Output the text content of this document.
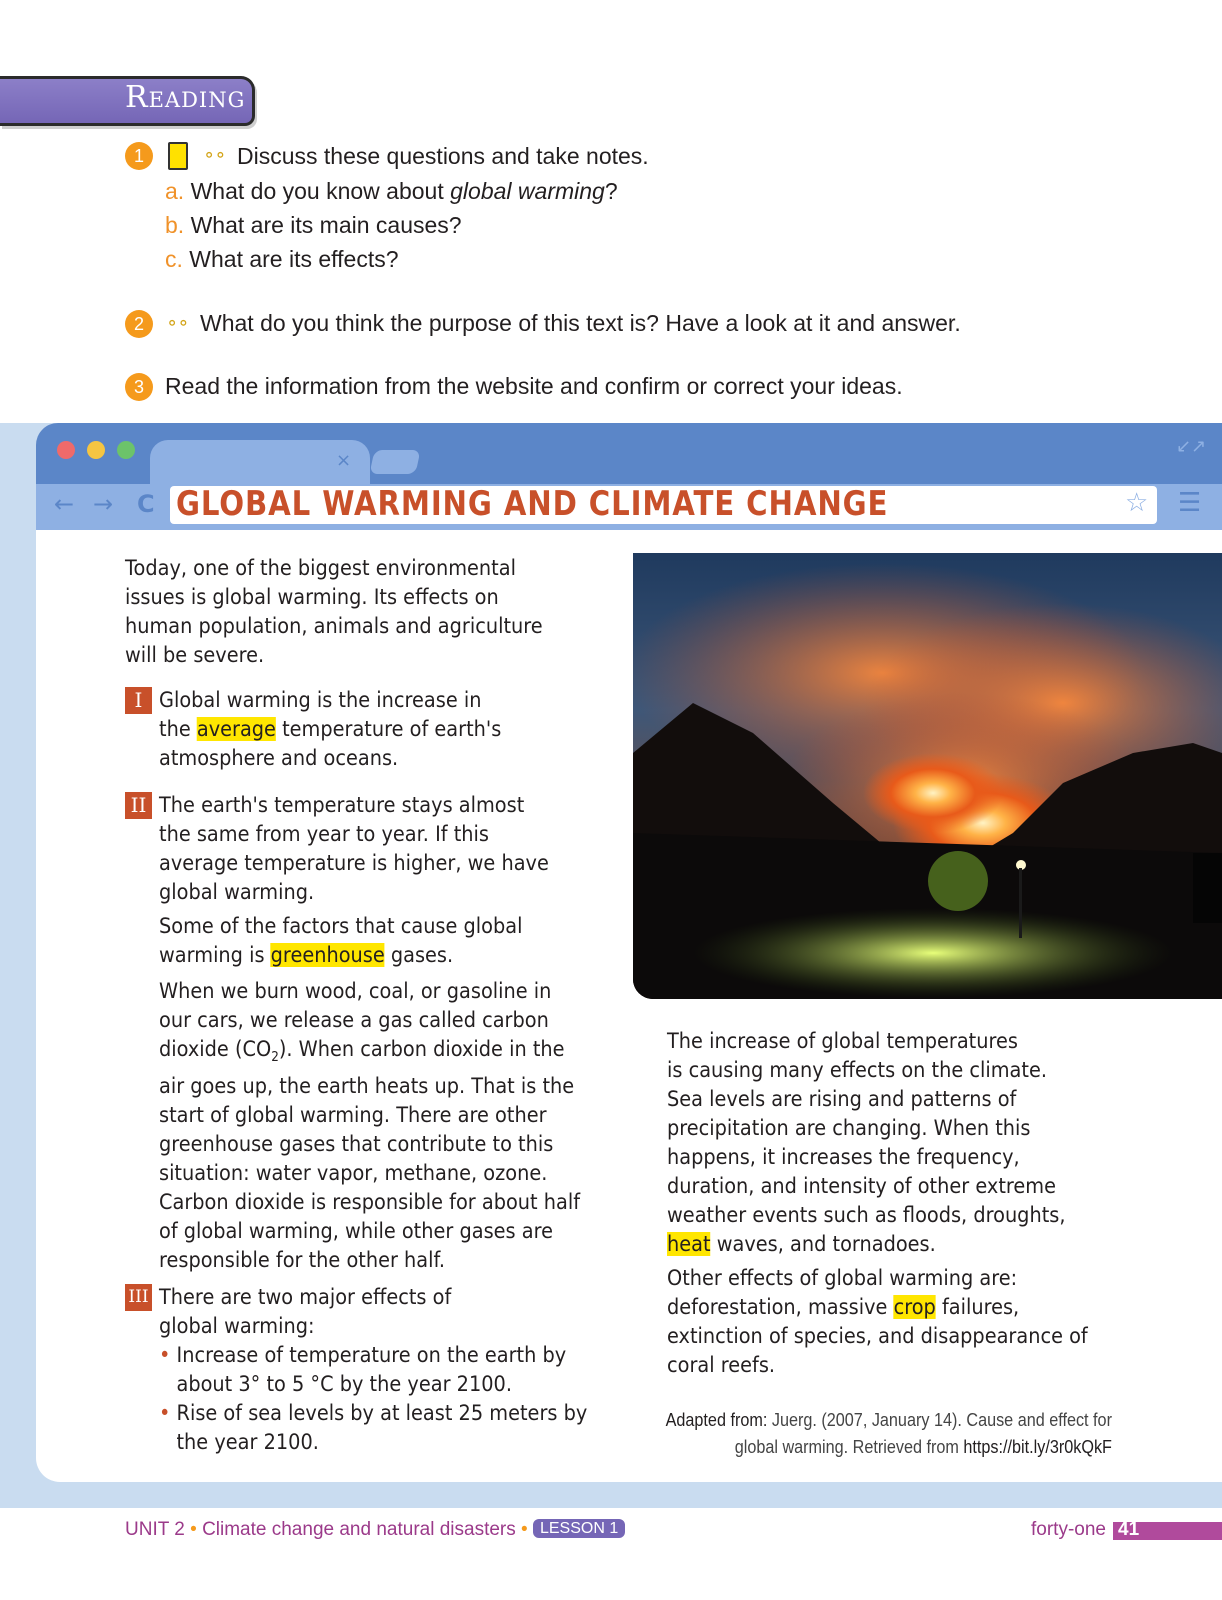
Reading
1	⚬⚬ Discuss these questions and take notes.
a. What do you know about global warming?
b. What are its main causes?
c. What are its effects?
2	⚬⚬ What do you think the purpose of this text is? Have a look at it and answer.
3 Read the information from the website and confirm or correct your ideas.
×
↙↗
← → C GLOBAL WARMING AND CLIMATE CHANGE	☆ ☰
Today, one of the biggest environmental
issues is global warming. Its effects on
human population, animals and agriculture
will be severe.
I Global warming is the increase in
the average temperature of earth's
atmosphere and oceans.
II The earth's temperature stays almost
the same from year to year. If this
average temperature is higher, we have
global warming.
Some of the factors that cause global
warming is greenhouse gases.
When we burn wood, coal, or gasoline in
our cars, we release a gas called carbon
dioxide $(CO_2)$. When carbon dioxide in the
air goes up, the earth heats up. That is the
start of global warming. There are other
greenhouse gases that contribute to this
situation: water vapor, methane, ozone.
Carbon dioxide is responsible for about half
of global warming, while other gases are
responsible for the other half.
III There are two major effects of
global warming:
• Increase of temperature on the earth by
about 3° to 5 °C by the year 2100.
• Rise of sea levels by at least 25 meters by
the year 2100.
The increase of global temperatures
is causing many effects on the climate.
Sea levels are rising and patterns of
precipitation are changing. When this
happens, it increases the frequency,
duration, and intensity of other extreme
weather events such as floods, droughts,
heat waves, and tornadoes.
Other effects of global warming are:
deforestation, massive crop failures,
extinction of species, and disappearance of
coral reefs.
Adapted from: Juerg. (2007, January 14). Cause and effect for
global warming. Retrieved from https://bit.ly/3r0kQkF
UNIT 2 • Climate change and natural disasters • LESSON 1	forty-one 41
